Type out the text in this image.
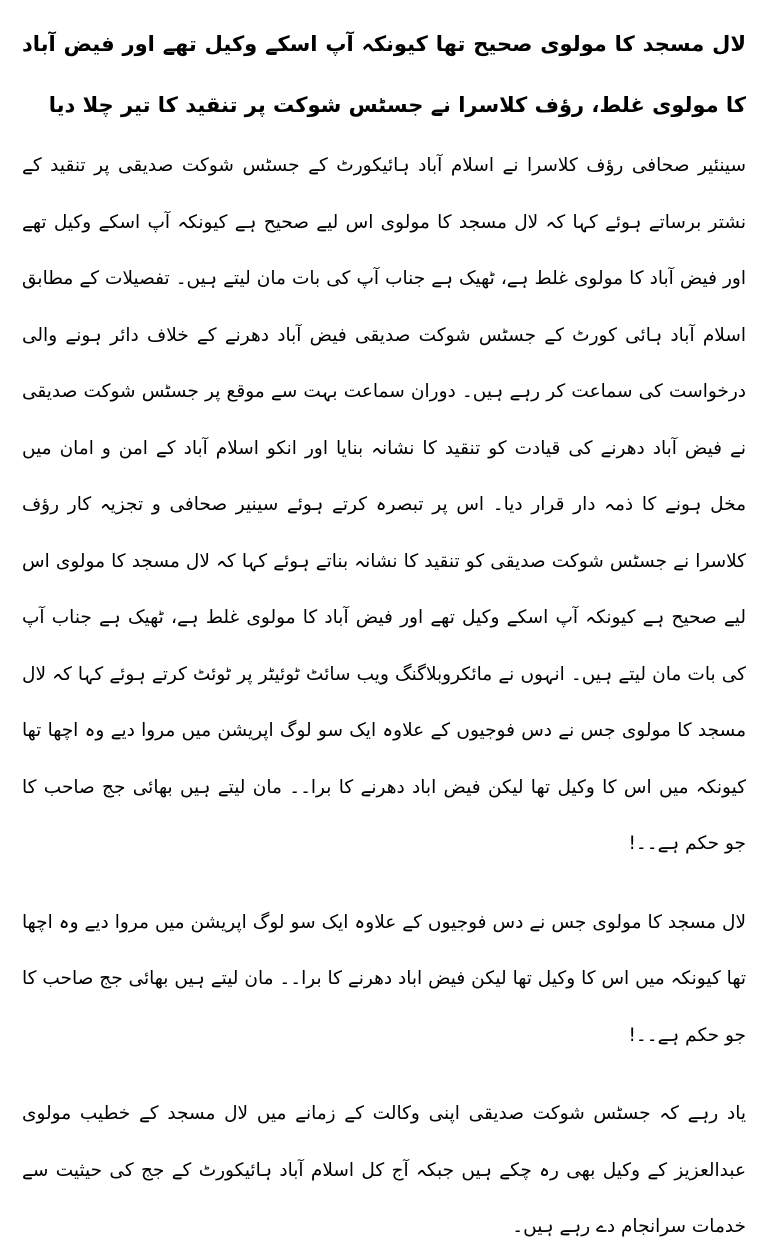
لال مسجد کا مولوی صحیح تھا کیونکہ آپ اسکے وکیل تھے اور فیض آباد کا مولوی غلط، رؤف کلاسرا نے جسٹس شوکت پر تنقید کا تیر چلا دیا
سینئیر صحافی رؤف کلاسرا نے اسلام آباد ہائیکورٹ کے جسٹس شوکت صدیقی پر تنقید کے نشتر برساتے ہوئے کہا کہ لال مسجد کا مولوی اس لیے صحیح ہے کیونکہ آپ اسکے وکیل تھے اور فیض آباد کا مولوی غلط ہے، ٹھیک ہے جناب آپ کی بات مان لیتے ہیں۔ تفصیلات کے مطابق اسلام آباد ہائی کورٹ کے جسٹس شوکت صدیقی فیض آباد دھرنے کے خلاف دائر ہونے والی درخواست کی سماعت کر رہے ہیں۔ دوران سماعت بہت سے موقع پر جسٹس شوکت صدیقی نے فیض آباد دھرنے کی قیادت کو تنقید کا نشانہ بنایا اور انکو اسلام آباد کے امن و امان میں مخل ہونے کا ذمہ دار قرار دیا۔ اس پر تبصرہ کرتے ہوئے سینیر صحافی و تجزیہ کار رؤف کلاسرا نے جسٹس شوکت صدیقی کو تنقید کا نشانہ بناتے ہوئے کہا کہ لال مسجد کا مولوی اس لیے صحیح ہے کیونکہ آپ اسکے وکیل تھے اور فیض آباد کا مولوی غلط ہے، ٹھیک ہے جناب آپ کی بات مان لیتے ہیں۔ انہوں نے مائکروبلاگنگ ویب سائٹ ٹوئیٹر پر ٹوئٹ کرتے ہوئے کہا کہ لال مسجد کا مولوی جس نے دس فوجیوں کے علاوہ ایک سو لوگ اپریشن میں مروا دیے وہ اچھا تھا کیونکہ میں اس کا وکیل تھا لیکن فیض اباد دھرنے کا برا۔۔ مان لیتے ہیں بھائی جج صاحب کا جو حکم ہے۔۔!
لال مسجد کا مولوی جس نے دس فوجیوں کے علاوہ ایک سو لوگ اپریشن میں مروا دیے وہ اچھا تھا کیونکہ میں اس کا وکیل تھا لیکن فیض اباد دھرنے کا برا۔۔ مان لیتے ہیں بھائی جج صاحب کا جو حکم ہے۔۔!
یاد رہے کہ جسٹس شوکت صدیقی اپنی وکالت کے زمانے میں لال مسجد کے خطیب مولوی عبدالعزیز کے وکیل بھی رہ چکے ہیں جبکہ آج کل اسلام آباد ہائیکورٹ کے جج کی حیثیت سے خدمات سرانجام دے رہے ہیں۔
